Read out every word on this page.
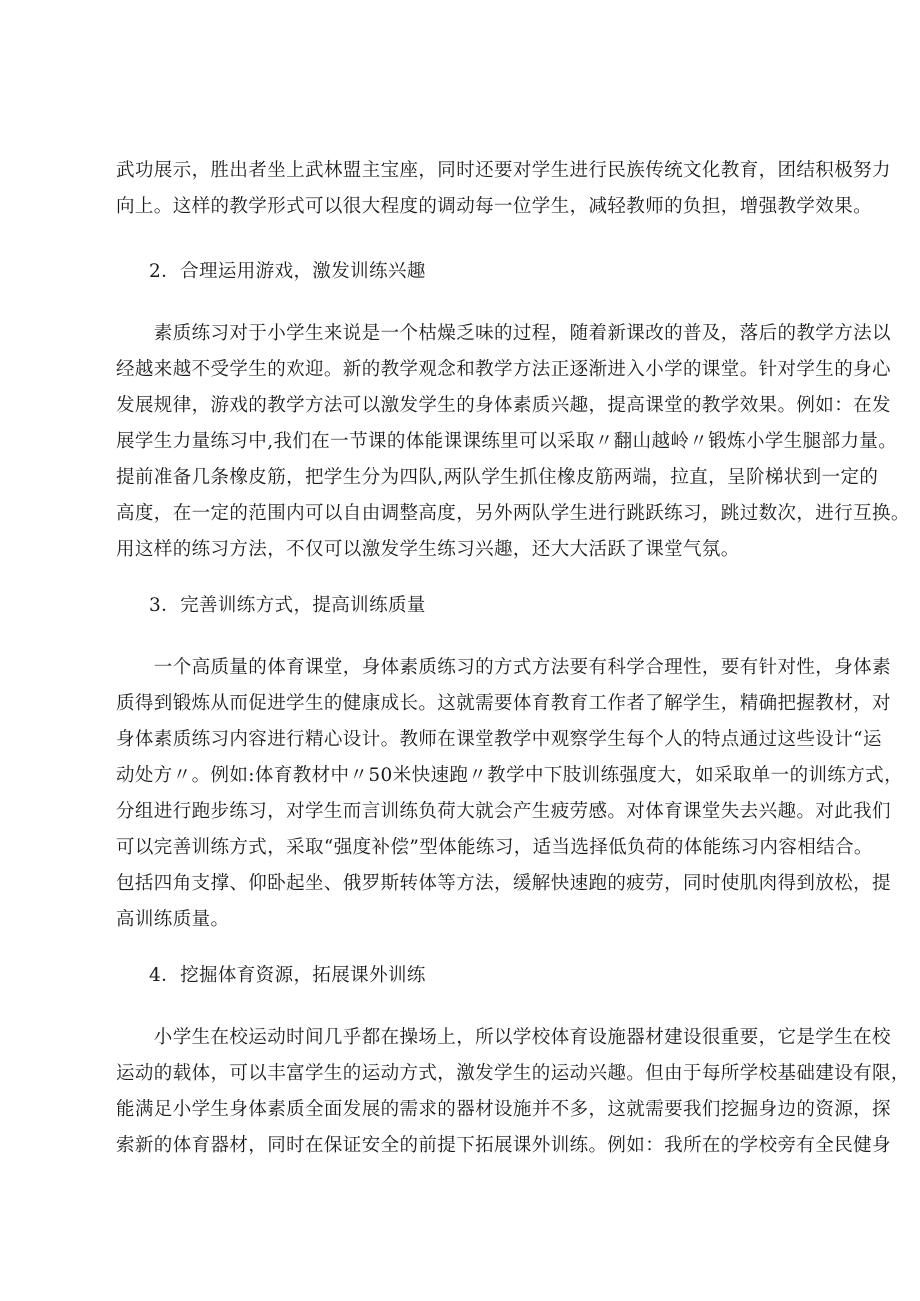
武功展示，胜出者坐上武林盟主宝座，同时还要对学生进行民族传统文化教育，团结积极努力
向上。这样的教学形式可以很大程度的调动每一位学生，减轻教师的负担，增强教学效果。

2．合理运用游戏，激发训练兴趣

　　素质练习对于小学生来说是一个枯燥乏味的过程，随着新课改的普及，落后的教学方法以
经越来越不受学生的欢迎。新的教学观念和教学方法正逐渐进入小学的课堂。针对学生的身心
发展规律，游戏的教学方法可以激发学生的身体素质兴趣，提高课堂的教学效果。例如：在发
展学生力量练习中,我们在一节课的体能课课练里可以采取〃翻山越岭〃锻炼小学生腿部力量。
提前准备几条橡皮筋，把学生分为四队,两队学生抓住橡皮筋两端，拉直，呈阶梯状到一定的
高度，在一定的范围内可以自由调整高度，另外两队学生进行跳跃练习，跳过数次，进行互换。
用这样的练习方法，不仅可以激发学生练习兴趣，还大大活跃了课堂气氛。

3．完善训练方式，提高训练质量

　　一个高质量的体育课堂，身体素质练习的方式方法要有科学合理性，要有针对性，身体素
质得到锻炼从而促进学生的健康成长。这就需要体育教育工作者了解学生，精确把握教材，对
身体素质练习内容进行精心设计。教师在课堂教学中观察学生每个人的特点通过这些设计“运
动处方〃。例如:体育教材中〃50米快速跑〃教学中下肢训练强度大，如采取单一的训练方式，
分组进行跑步练习，对学生而言训练负荷大就会产生疲劳感。对体育课堂失去兴趣。对此我们
可以完善训练方式，采取“强度补偿”型体能练习，适当选择低负荷的体能练习内容相结合。
包括四角支撑、仰卧起坐、俄罗斯转体等方法，缓解快速跑的疲劳，同时使肌肉得到放松，提
高训练质量。

4．挖掘体育资源，拓展课外训练

　　小学生在校运动时间几乎都在操场上，所以学校体育设施器材建设很重要，它是学生在校
运动的载体，可以丰富学生的运动方式，激发学生的运动兴趣。但由于每所学校基础建设有限，
能满足小学生身体素质全面发展的需求的器材设施并不多，这就需要我们挖掘身边的资源，探
索新的体育器材，同时在保证安全的前提下拓展课外训练。例如：我所在的学校旁有全民健身
